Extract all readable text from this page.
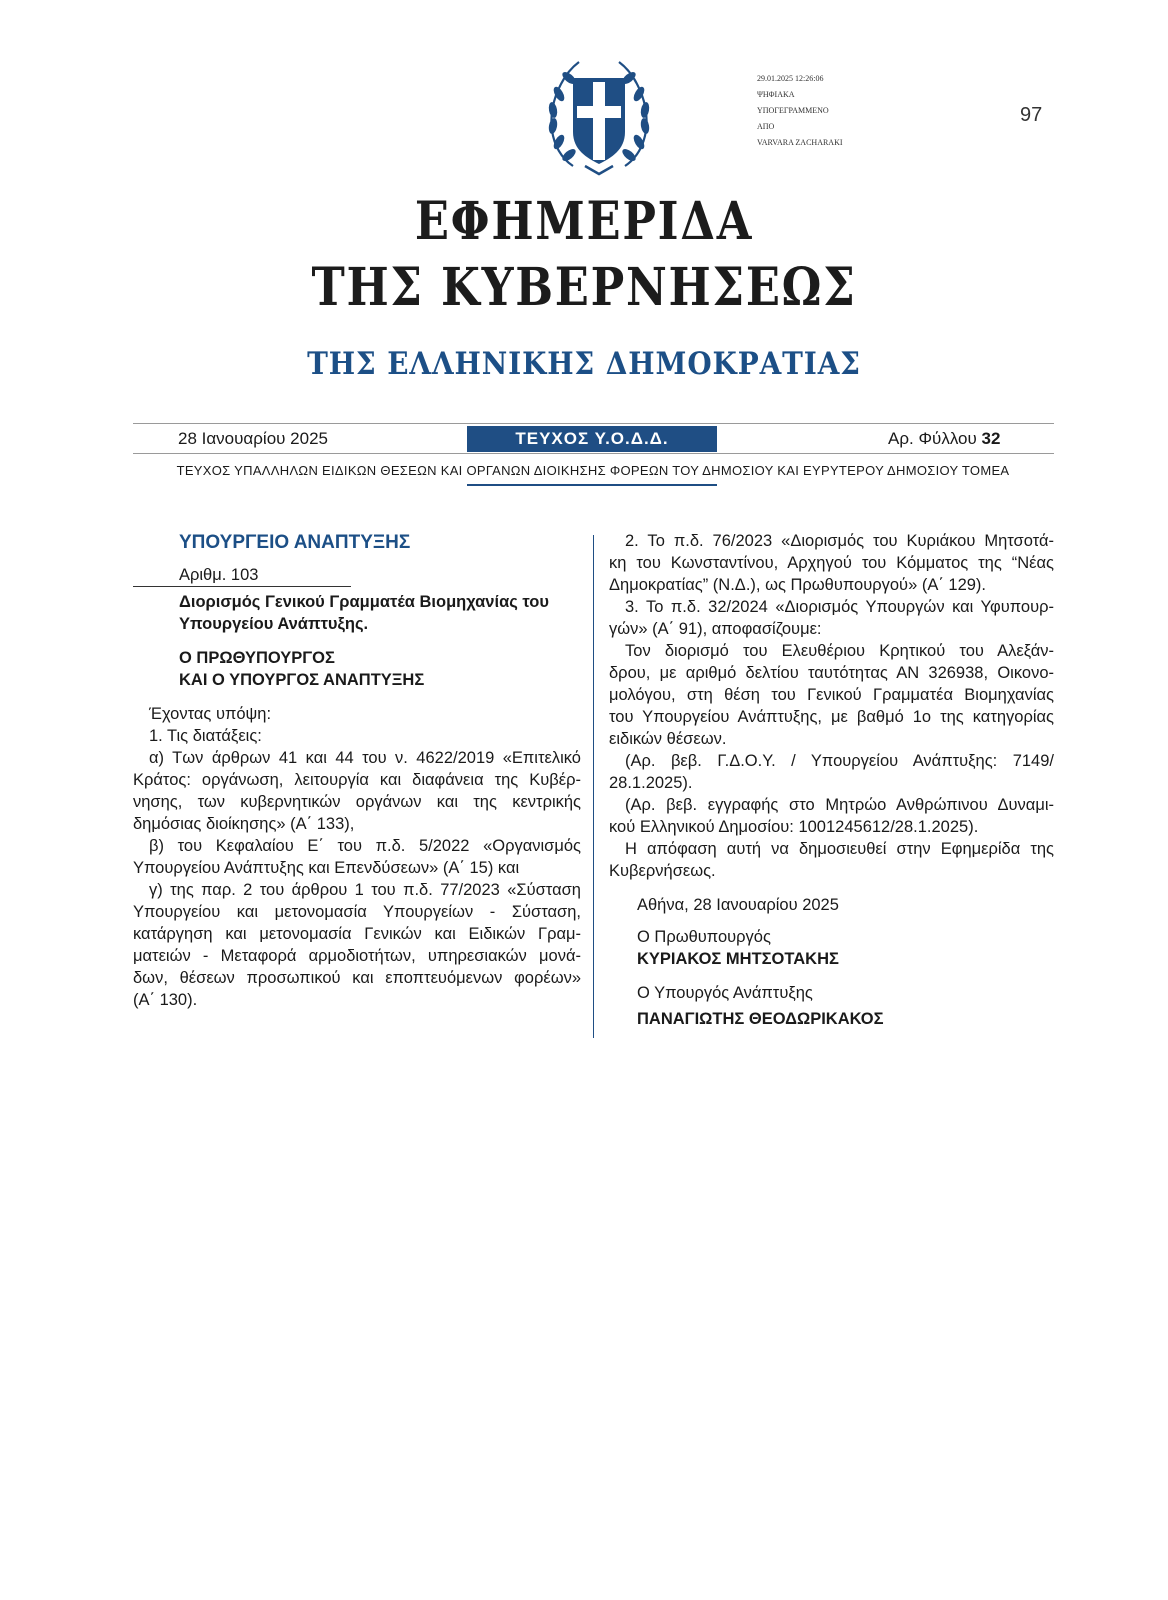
29.01.2025 12:26:06
ΨΗΦΙΑΚΑ
ΥΠΟΓΕΓΡΑΜΜΕΝΟ
ΑΠΟ
VARVARA ZACHARAKI
97
ΕΦΗΜΕΡΙΔΑ
ΤΗΣ ΚΥΒΕΡΝΗΣΕΩΣ
ΤΗΣ ΕΛΛΗΝΙΚΗΣ ΔΗΜΟΚΡΑΤΙΑΣ
28 Ιανουαρίου 2025	ΤΕΥΧΟΣ Υ.Ο.Δ.Δ.	Αρ. Φύλλου 32
ΤΕΥΧΟΣ ΥΠΑΛΛΗΛΩΝ ΕΙΔΙΚΩΝ ΘΕΣΕΩΝ ΚΑΙ ΟΡΓΑΝΩΝ ΔΙΟΙΚΗΣΗΣ ΦΟΡΕΩΝ ΤΟΥ ΔΗΜΟΣΙΟΥ ΚΑΙ ΕΥΡΥΤΕΡΟΥ ΔΗΜΟΣΙΟΥ ΤΟΜΕΑ

ΥΠΟΥΡΓΕΙΟ ΑΝΑΠΤΥΞΗΣ

Αριθμ. 103

Διορισμός Γενικού Γραμματέα Βιομηχανίας του

Υπουργείου Ανάπτυξης.

Ο ΠΡΩΘΥΠΟΥΡΓΟΣ

ΚΑΙ Ο ΥΠΟΥΡΓΟΣ ΑΝΑΠΤΥΞΗΣ

Έχοντας υπόψη:

1. Τις διατάξεις:

α) Των άρθρων 41 και 44 του ν. 4622/2019 «Επιτελικό

Κράτος: οργάνωση, λειτουργία και διαφάνεια της Κυβέρ-

νησης, των κυβερνητικών οργάνων και της κεντρικής

δημόσιας διοίκησης» (Α΄ 133),

β) του Κεφαλαίου Ε΄ του π.δ. 5/2022 «Οργανισμός

Υπουργείου Ανάπτυξης και Επενδύσεων» (Α΄ 15) και

γ) της παρ. 2 του άρθρου 1 του π.δ. 77/2023 «Σύσταση

Υπουργείου και μετονομασία Υπουργείων - Σύσταση,

κατάργηση και μετονομασία Γενικών και Ειδικών Γραμ-

ματειών - Μεταφορά αρμοδιοτήτων, υπηρεσιακών μονά-

δων, θέσεων προσωπικού και εποπτευόμενων φορέων»

(Α΄ 130).

2. Το π.δ. 76/2023 «Διορισμός του Κυριάκου Μητσοτά-

κη του Κωνσταντίνου, Αρχηγού του Κόμματος της “Νέας

Δημοκρατίας” (Ν.Δ.), ως Πρωθυπουργού» (Α΄ 129).

3. Το π.δ. 32/2024 «Διορισμός Υπουργών και Υφυπουρ-

γών» (Α΄ 91), αποφασίζουμε:

Τον διορισμό του Ελευθέριου Κρητικού του Αλεξάν-

δρου, με αριθμό δελτίου ταυτότητας ΑΝ 326938, Οικονο-

μολόγου, στη θέση του Γενικού Γραμματέα Βιομηχανίας

του Υπουργείου Ανάπτυξης, με βαθμό 1ο της κατηγορίας

ειδικών θέσεων.

(Αρ. βεβ. Γ.Δ.Ο.Υ. / Υπουργείου Ανάπτυξης: 7149/

28.1.2025).

(Αρ. βεβ. εγγραφής στο Μητρώο Ανθρώπινου Δυναμι-

κού Ελληνικού Δημοσίου: 1001245612/28.1.2025).

Η απόφαση αυτή να δημοσιευθεί στην Εφημερίδα της

Κυβερνήσεως.

Αθήνα, 28 Ιανουαρίου 2025

Ο Πρωθυπουργός

ΚΥΡΙΑΚΟΣ ΜΗΤΣΟΤΑΚΗΣ

Ο Υπουργός Ανάπτυξης

ΠΑΝΑΓΙΩΤΗΣ ΘΕΟΔΩΡΙΚΑΚΟΣ
